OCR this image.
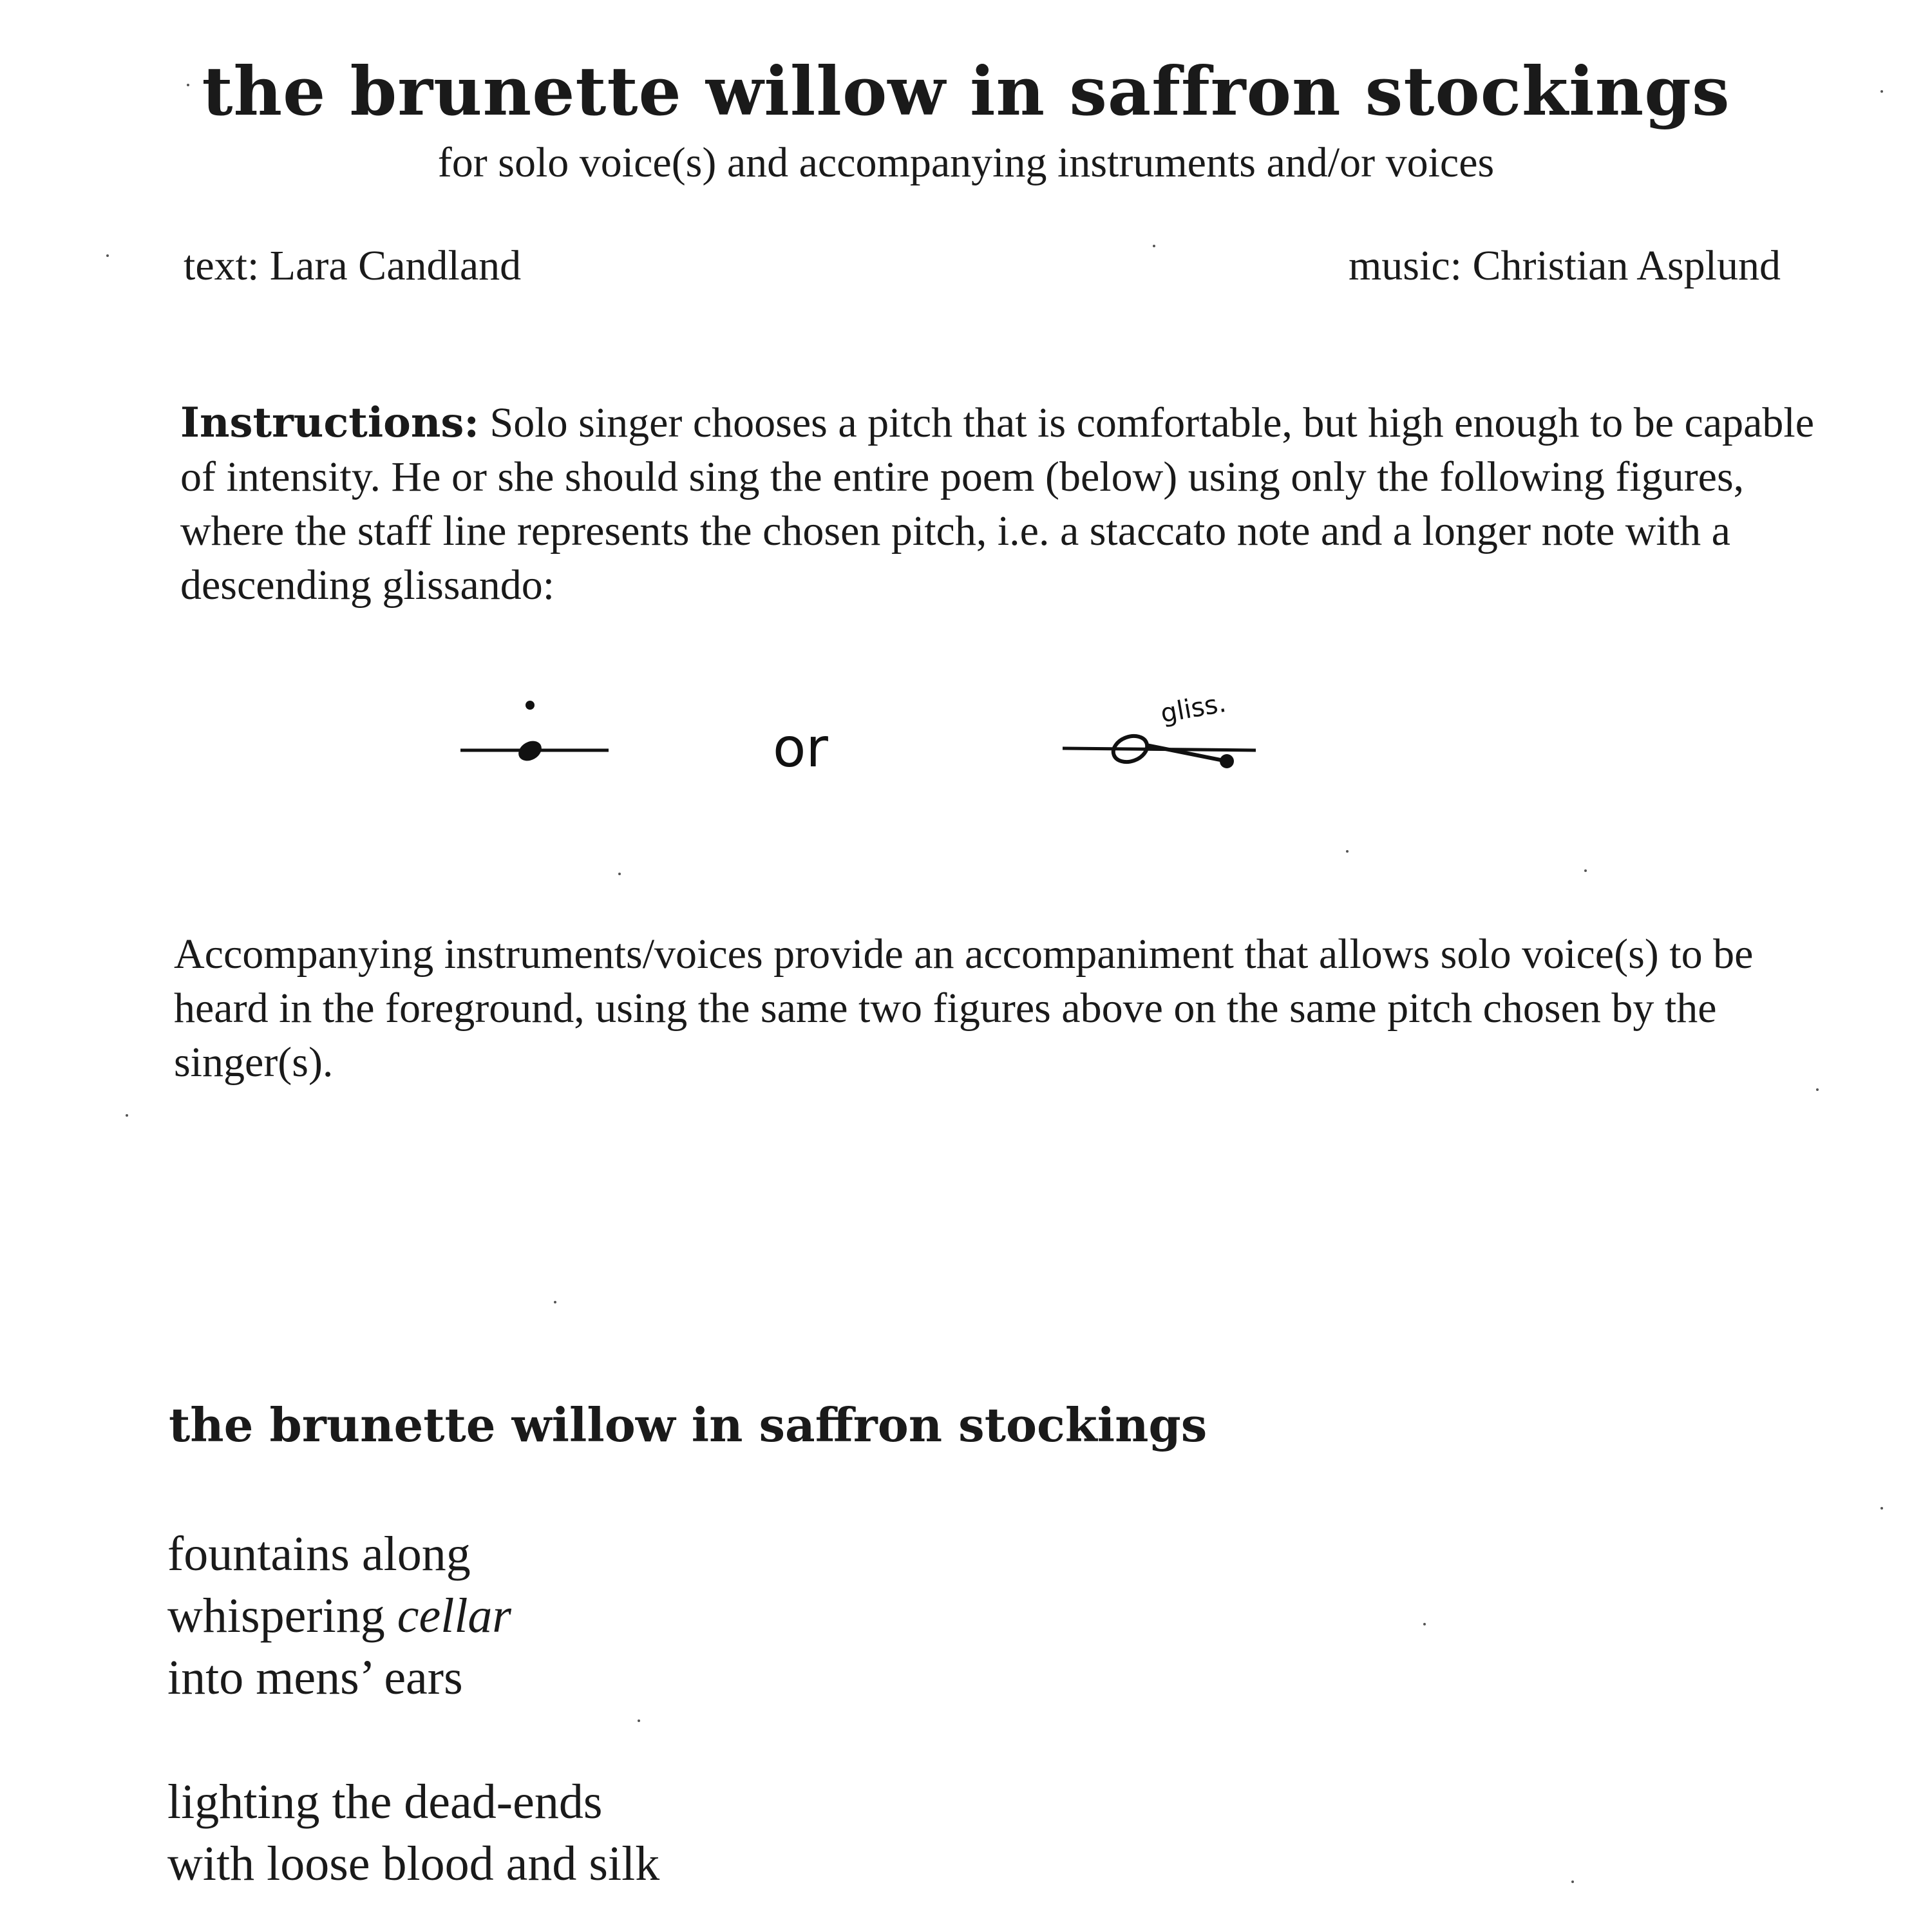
the brunette willow in saffron stockings
for solo voice(s) and accompanying instruments and/or voices
text: Lara Candland	music: Christian Asplund
Instructions: Solo singer chooses a pitch that is comfortable, but high enough to be capable of intensity. He or she should sing the entire poem (below) using only the following figures, where the staff line represents the chosen pitch, i.e. a staccato note and a longer note with a descending glissando:
or
gliss.
Accompanying instruments/voices provide an accompaniment that allows solo voice(s) to be heard in the foreground, using the same two figures above on the same pitch chosen by the singer(s).
the brunette willow in saffron stockings
fountains along
whispering cellar
into mens’ ears
lighting the dead-ends
with loose blood and silk
